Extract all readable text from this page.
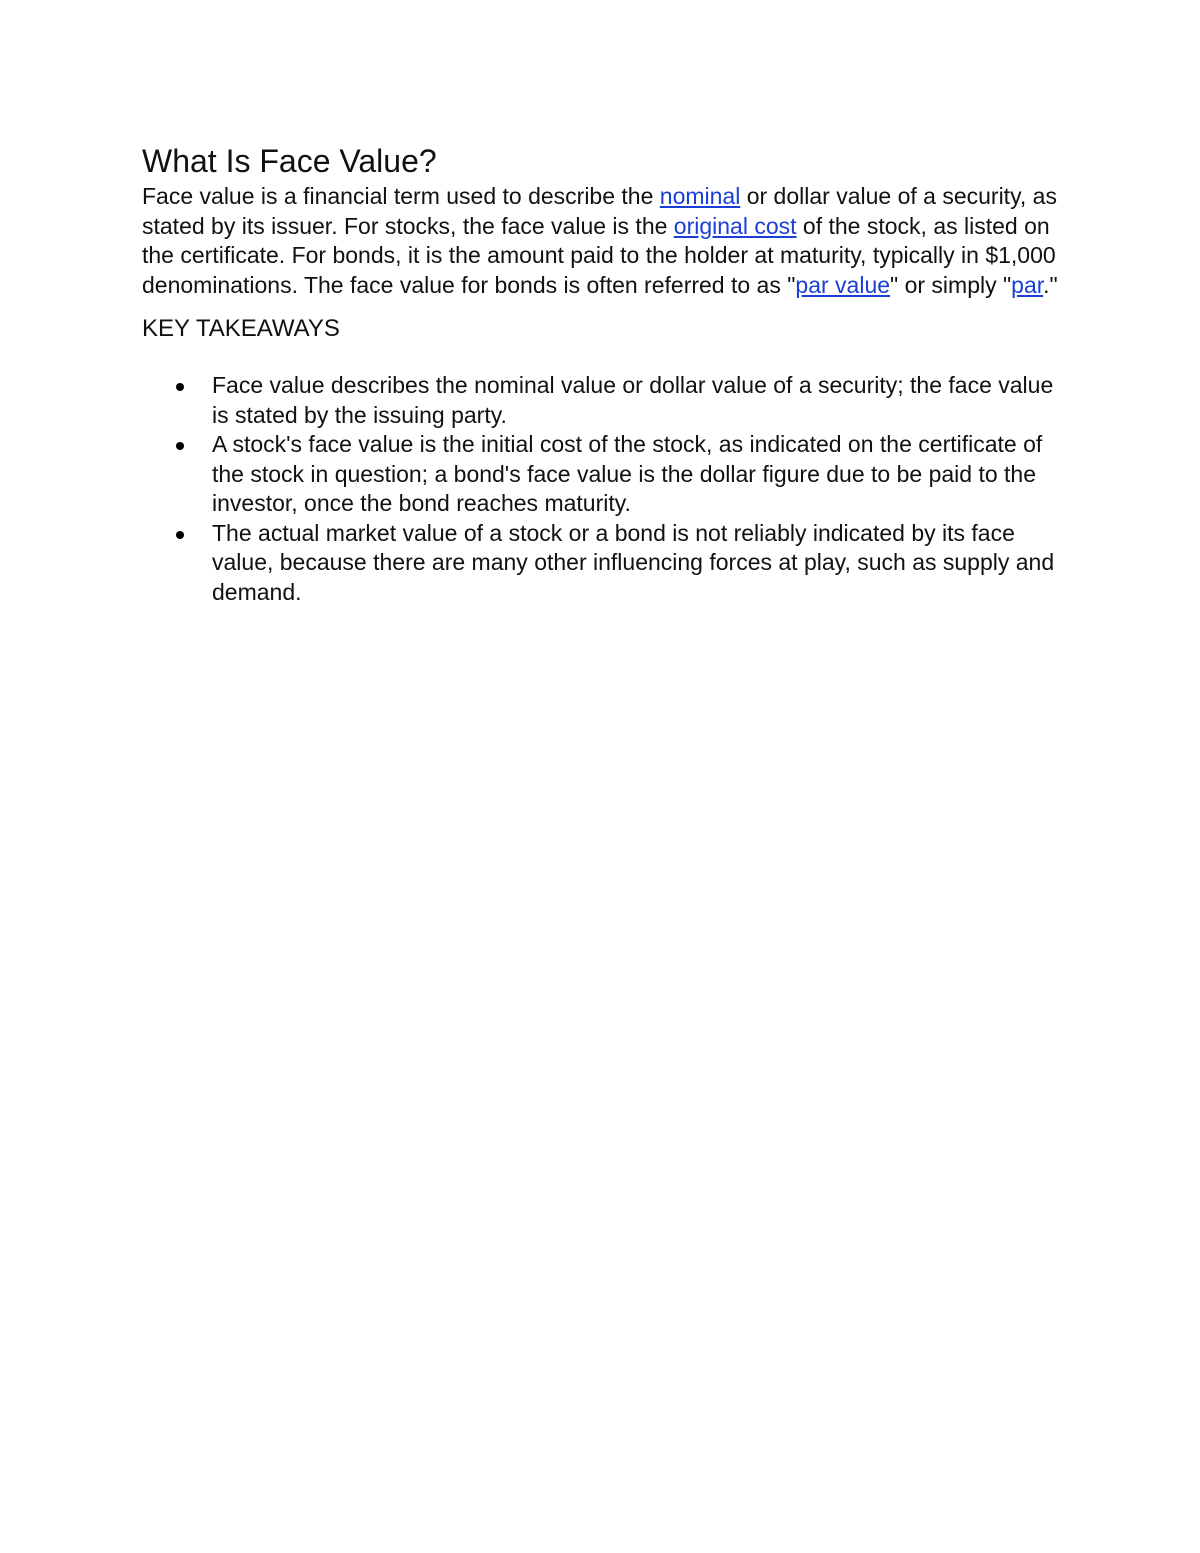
What Is Face Value?

Face value is a financial term used to describe the nominal or dollar value of a security, as stated by its issuer. For stocks, the face value is the original cost of the stock, as listed on the certificate. For bonds, it is the amount paid to the holder at maturity, typically in $1,000 denominations. The face value for bonds is often referred to as "par value" or simply "par."

KEY TAKEAWAYS
Face value describes the nominal value or dollar value of a security; the face value is stated by the issuing party.
A stock's face value is the initial cost of the stock, as indicated on the certificate of the stock in question; a bond's face value is the dollar figure due to be paid to the investor, once the bond reaches maturity.
The actual market value of a stock or a bond is not reliably indicated by its face value, because there are many other influencing forces at play, such as supply and demand.
